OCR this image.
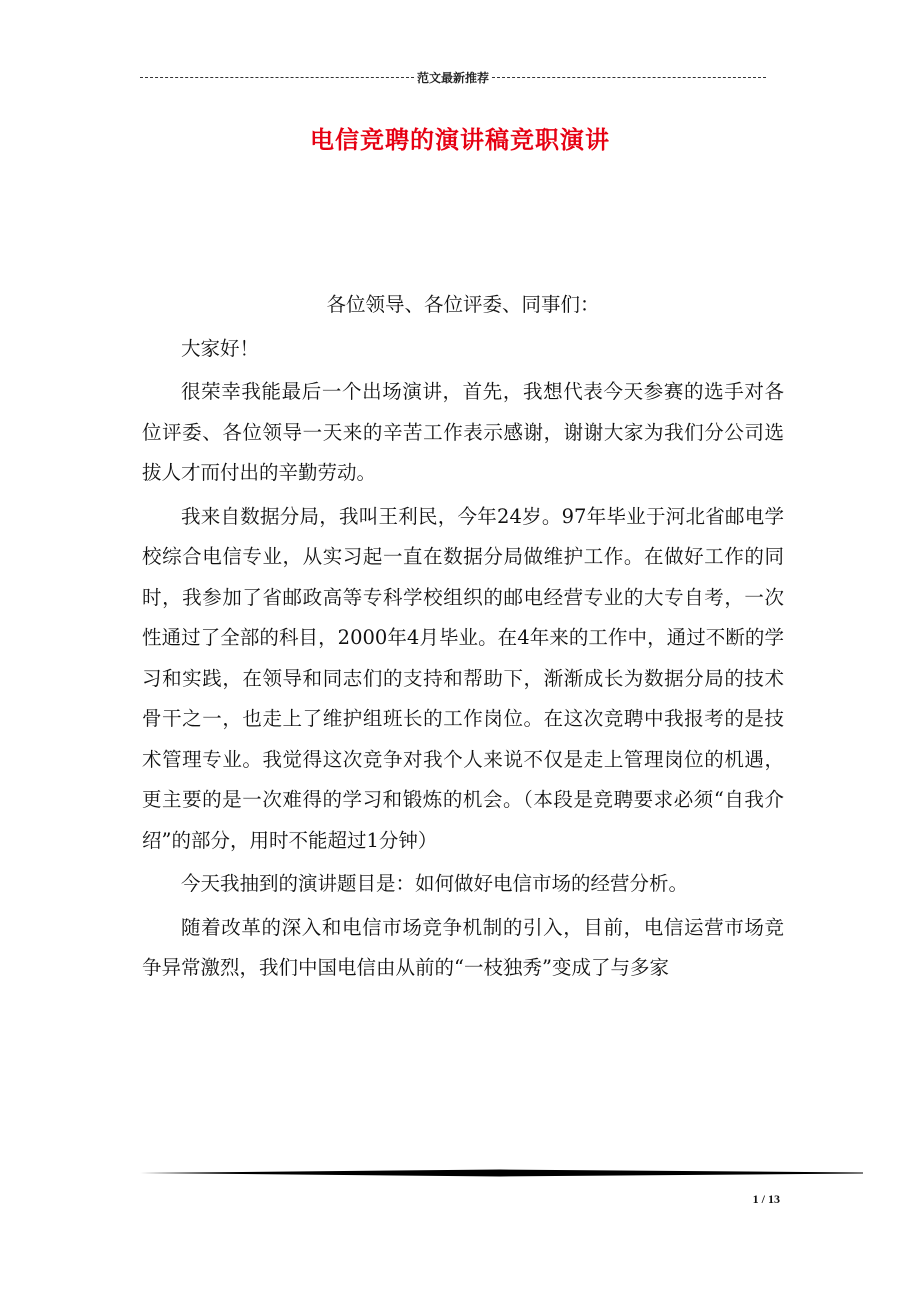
范文最新推荐
电信竞聘的演讲稿竞职演讲
各位领导、各位评委、同事们：

大家好！

很荣幸我能最后一个出场演讲，首先，我想代表今天参赛的选手对各位评委、各位领导一天来的辛苦工作表示感谢，谢谢大家为我们分公司选拔人才而付出的辛勤劳动。

我来自数据分局，我叫王利民，今年24岁。97年毕业于河北省邮电学校综合电信专业，从实习起一直在数据分局做维护工作。在做好工作的同时，我参加了省邮政高等专科学校组织的邮电经营专业的大专自考，一次性通过了全部的科目，2000年4月毕业。在4年来的工作中，通过不断的学习和实践，在领导和同志们的支持和帮助下，渐渐成长为数据分局的技术骨干之一，也走上了维护组班长的工作岗位。在这次竞聘中我报考的是技术管理专业。我觉得这次竞争对我个人来说不仅是走上管理岗位的机遇，更主要的是一次难得的学习和锻炼的机会。（本段是竞聘要求必须“自我介绍”的部分，用时不能超过1分钟）

今天我抽到的演讲题目是：如何做好电信市场的经营分析。

随着改革的深入和电信市场竞争机制的引入，目前，电信运营市场竞争异常激烈，我们中国电信由从前的“一枝独秀”变成了与多家

1 / 13
